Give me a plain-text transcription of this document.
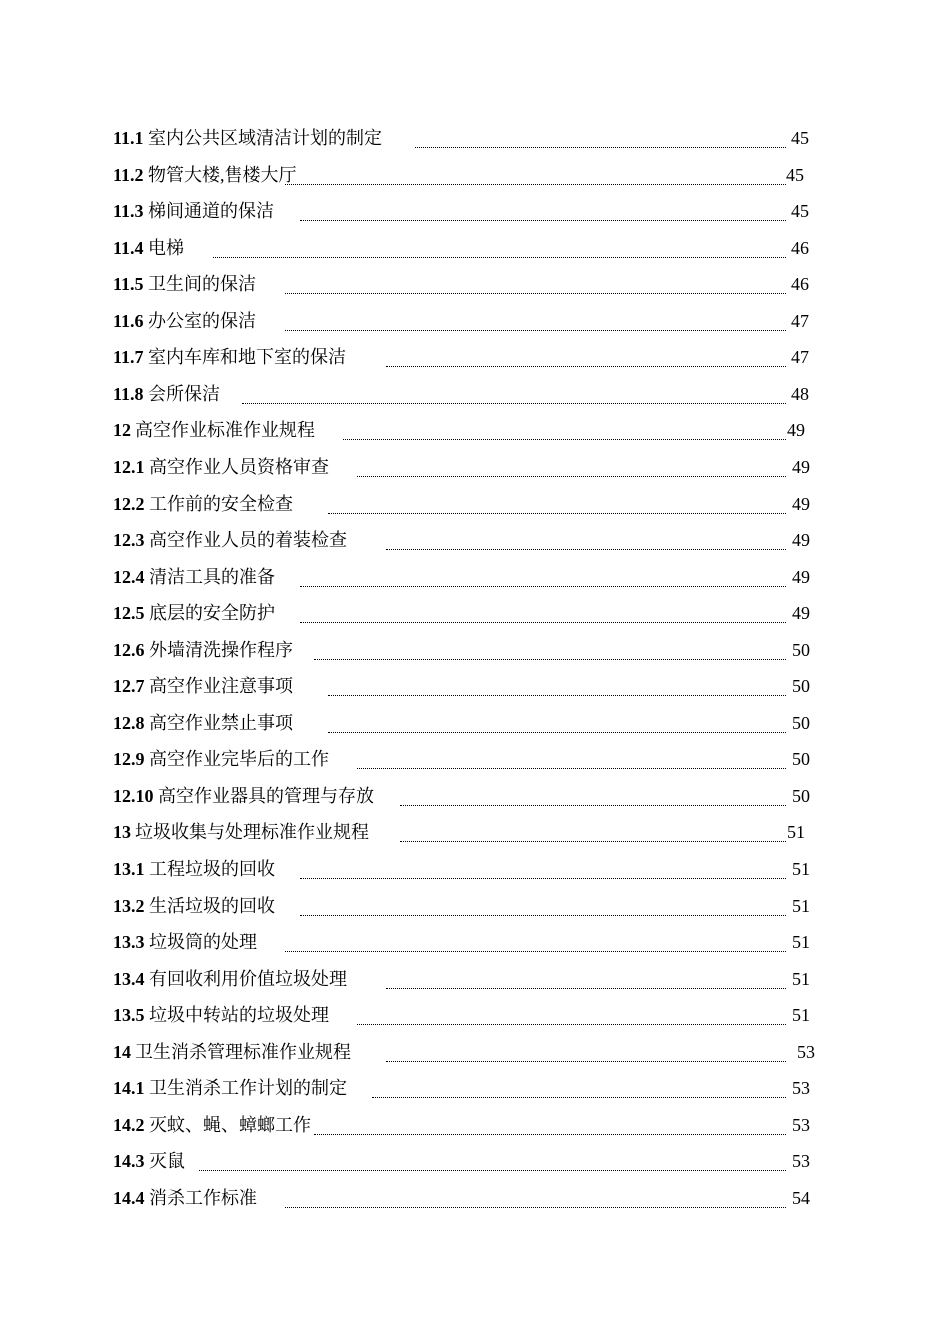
11.1 室内公共区域清洁计划的制定	45
11.2 物管大楼,售楼大厅	45
11.3 梯间通道的保洁	45
11.4 电梯	46
11.5 卫生间的保洁	46
11.6 办公室的保洁	47
11.7 室内车库和地下室的保洁	47
11.8 会所保洁	48
12 高空作业标准作业规程	49
12.1 高空作业人员资格审查	49
12.2 工作前的安全检查	49
12.3 高空作业人员的着装检查	49
12.4 清洁工具的准备	49
12.5 底层的安全防护	49
12.6 外墙清洗操作程序	50
12.7 高空作业注意事项	50
12.8 高空作业禁止事项	50
12.9 高空作业完毕后的工作	50
12.10 高空作业器具的管理与存放	50
13 垃圾收集与处理标准作业规程	51
13.1 工程垃圾的回收	51
13.2 生活垃圾的回收	51
13.3 垃圾筒的处理	51
13.4 有回收利用价值垃圾处理	51
13.5 垃圾中转站的垃圾处理	51
14 卫生消杀管理标准作业规程	53
14.1 卫生消杀工作计划的制定	53
14.2 灭蚊、蝇、蟑螂工作	53
14.3 灭鼠	53
14.4 消杀工作标准	54
